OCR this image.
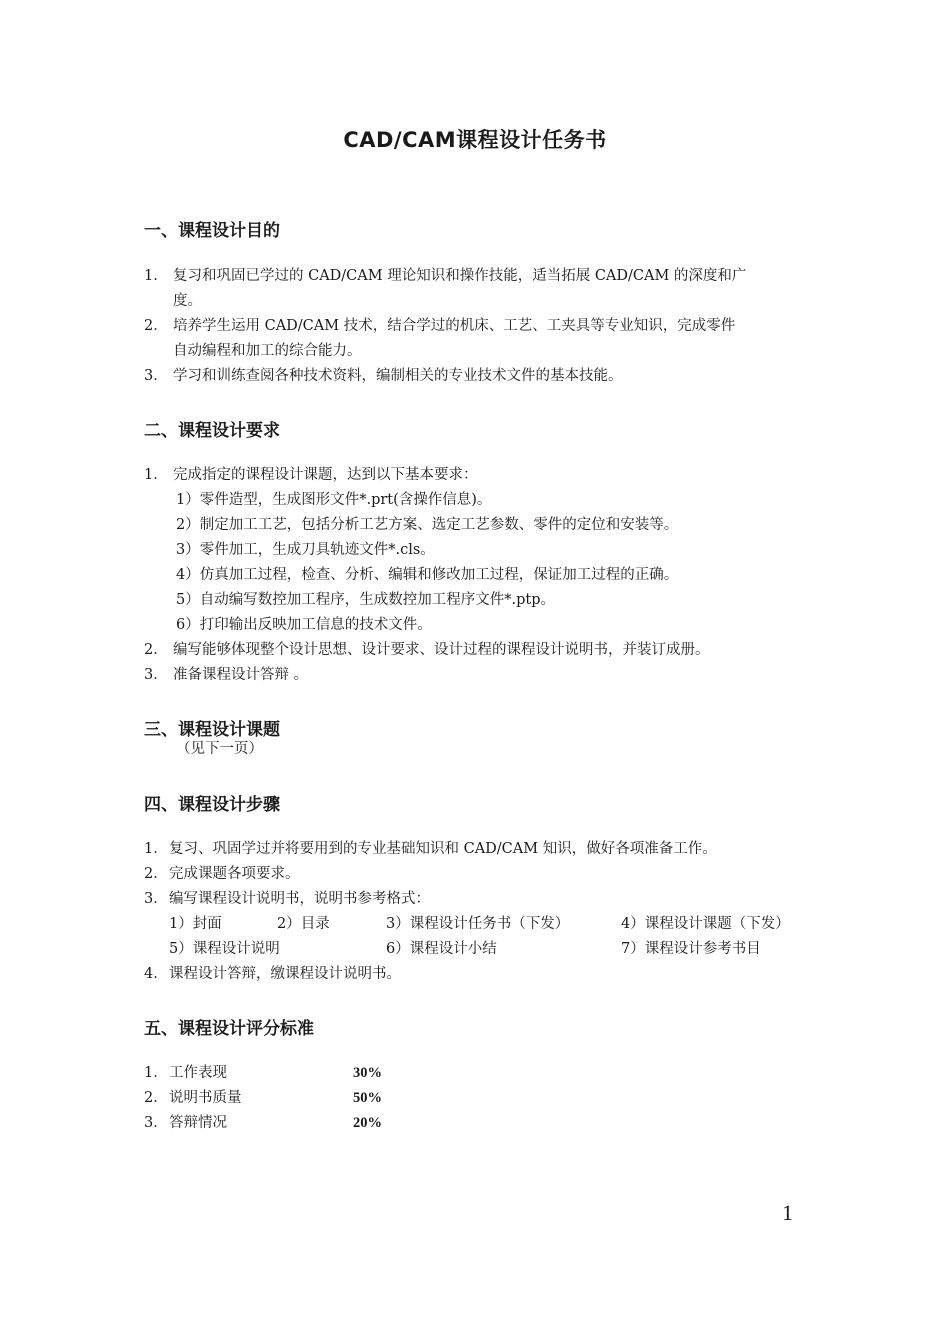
CAD/CAM课程设计任务书
一、课程设计目的
1． 复习和巩固已学过的 CAD/CAM 理论知识和操作技能，适当拓展 CAD/CAM 的深度和广
度。
2． 培养学生运用 CAD/CAM 技术，结合学过的机床、工艺、工夹具等专业知识，完成零件
自动编程和加工的综合能力。
3． 学习和训练查阅各种技术资料，编制相关的专业技术文件的基本技能。
二、课程设计要求
1． 完成指定的课程设计课题，达到以下基本要求：
1）零件造型，生成图形文件*.prt(含操作信息)。
2）制定加工工艺，包括分析工艺方案、选定工艺参数、零件的定位和安装等。
3）零件加工，生成刀具轨迹文件*.cls。
4）仿真加工过程，检查、分析、编辑和修改加工过程，保证加工过程的正确。
5）自动编写数控加工程序，生成数控加工程序文件*.ptp。
6）打印输出反映加工信息的技术文件。
2． 编写能够体现整个设计思想、设计要求、设计过程的课程设计说明书，并装订成册。
3． 准备课程设计答辩 。
三、课程设计课题
（见下一页）
四、课程设计步骤
1．复习、巩固学过并将要用到的专业基础知识和 CAD/CAM 知识，做好各项准备工作。
2．完成课题各项要求。
3．编写课程设计说明书，说明书参考格式：
1）封面	2）目录	3）课程设计任务书（下发）	4）课程设计课题（下发）
5）课程设计说明	6）课程设计小结	7）课程设计参考书目
4．课程设计答辩，缴课程设计说明书。
五、课程设计评分标准
1．工作表现	30%
2．说明书质量	50%
3．答辩情况	20%
1
